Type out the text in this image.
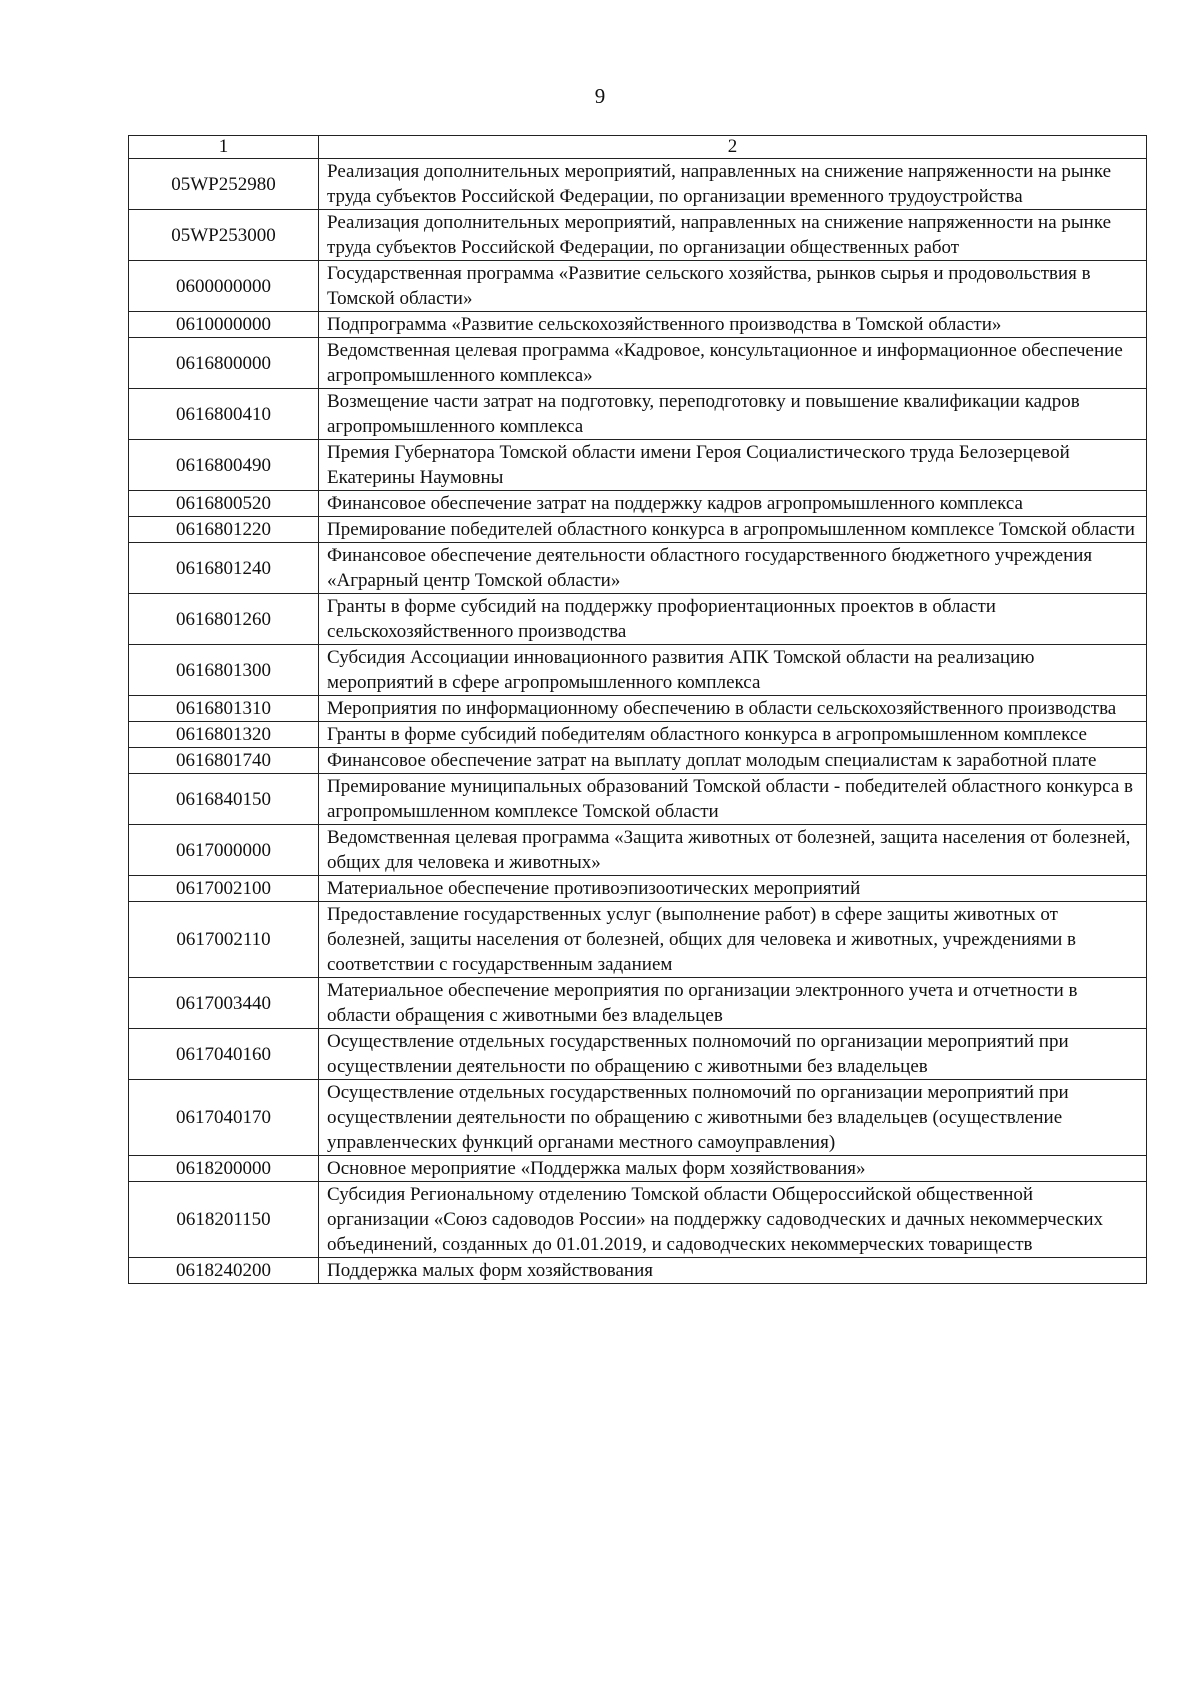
9
1	2
05WP252980	Реализация дополнительных мероприятий, направленных на снижение напряженности на рынке труда субъектов Российской Федерации, по организации временного трудоустройства
05WP253000	Реализация дополнительных мероприятий, направленных на снижение напряженности на рынке труда субъектов Российской Федерации, по организации общественных работ
0600000000	Государственная программа «Развитие сельского хозяйства, рынков сырья и продовольствия в Томской области»
0610000000	Подпрограмма «Развитие сельскохозяйственного производства в Томской области»
0616800000	Ведомственная целевая программа «Кадровое, консультационное и информационное обеспечение агропромышленного комплекса»
0616800410	Возмещение части затрат на подготовку, переподготовку и повышение квалификации кадров агропромышленного комплекса
0616800490	Премия Губернатора Томской области имени Героя Социалистического труда Белозерцевой Екатерины Наумовны
0616800520	Финансовое обеспечение затрат на поддержку кадров агропромышленного комплекса
0616801220	Премирование победителей областного конкурса в агропромышленном комплексе Томской области
0616801240	Финансовое обеспечение деятельности областного государственного бюджетного учреждения «Аграрный центр Томской области»
0616801260	Гранты в форме субсидий на поддержку профориентационных проектов в области сельскохозяйственного производства
0616801300	Субсидия Ассоциации инновационного развития АПК Томской области на реализацию мероприятий в сфере агропромышленного комплекса
0616801310	Мероприятия по информационному обеспечению в области сельскохозяйственного производства
0616801320	Гранты в форме субсидий победителям областного конкурса в агропромышленном комплексе
0616801740	Финансовое обеспечение затрат на выплату доплат молодым специалистам к заработной плате
0616840150	Премирование муниципальных образований Томской области - победителей областного конкурса в агропромышленном комплексе Томской области
0617000000	Ведомственная целевая программа «Защита животных от болезней, защита населения от болезней, общих для человека и животных»
0617002100	Материальное обеспечение противоэпизоотических мероприятий
0617002110	Предоставление государственных услуг (выполнение работ) в сфере защиты животных от болезней, защиты населения от болезней, общих для человека и животных, учреждениями в соответствии с государственным заданием
0617003440	Материальное обеспечение мероприятия по организации электронного учета и отчетности в области обращения с животными без владельцев
0617040160	Осуществление отдельных государственных полномочий по организации мероприятий при осуществлении деятельности по обращению с животными без владельцев
0617040170	Осуществление отдельных государственных полномочий по организации мероприятий при осуществлении деятельности по обращению с животными без владельцев (осуществление управленческих функций органами местного самоуправления)
0618200000	Основное мероприятие «Поддержка малых форм хозяйствования»
0618201150	Субсидия Региональному отделению Томской области Общероссийской общественной организации «Союз садоводов России» на поддержку садоводческих и дачных некоммерческих объединений, созданных до 01.01.2019, и садоводческих некоммерческих товариществ
0618240200	Поддержка малых форм хозяйствования
